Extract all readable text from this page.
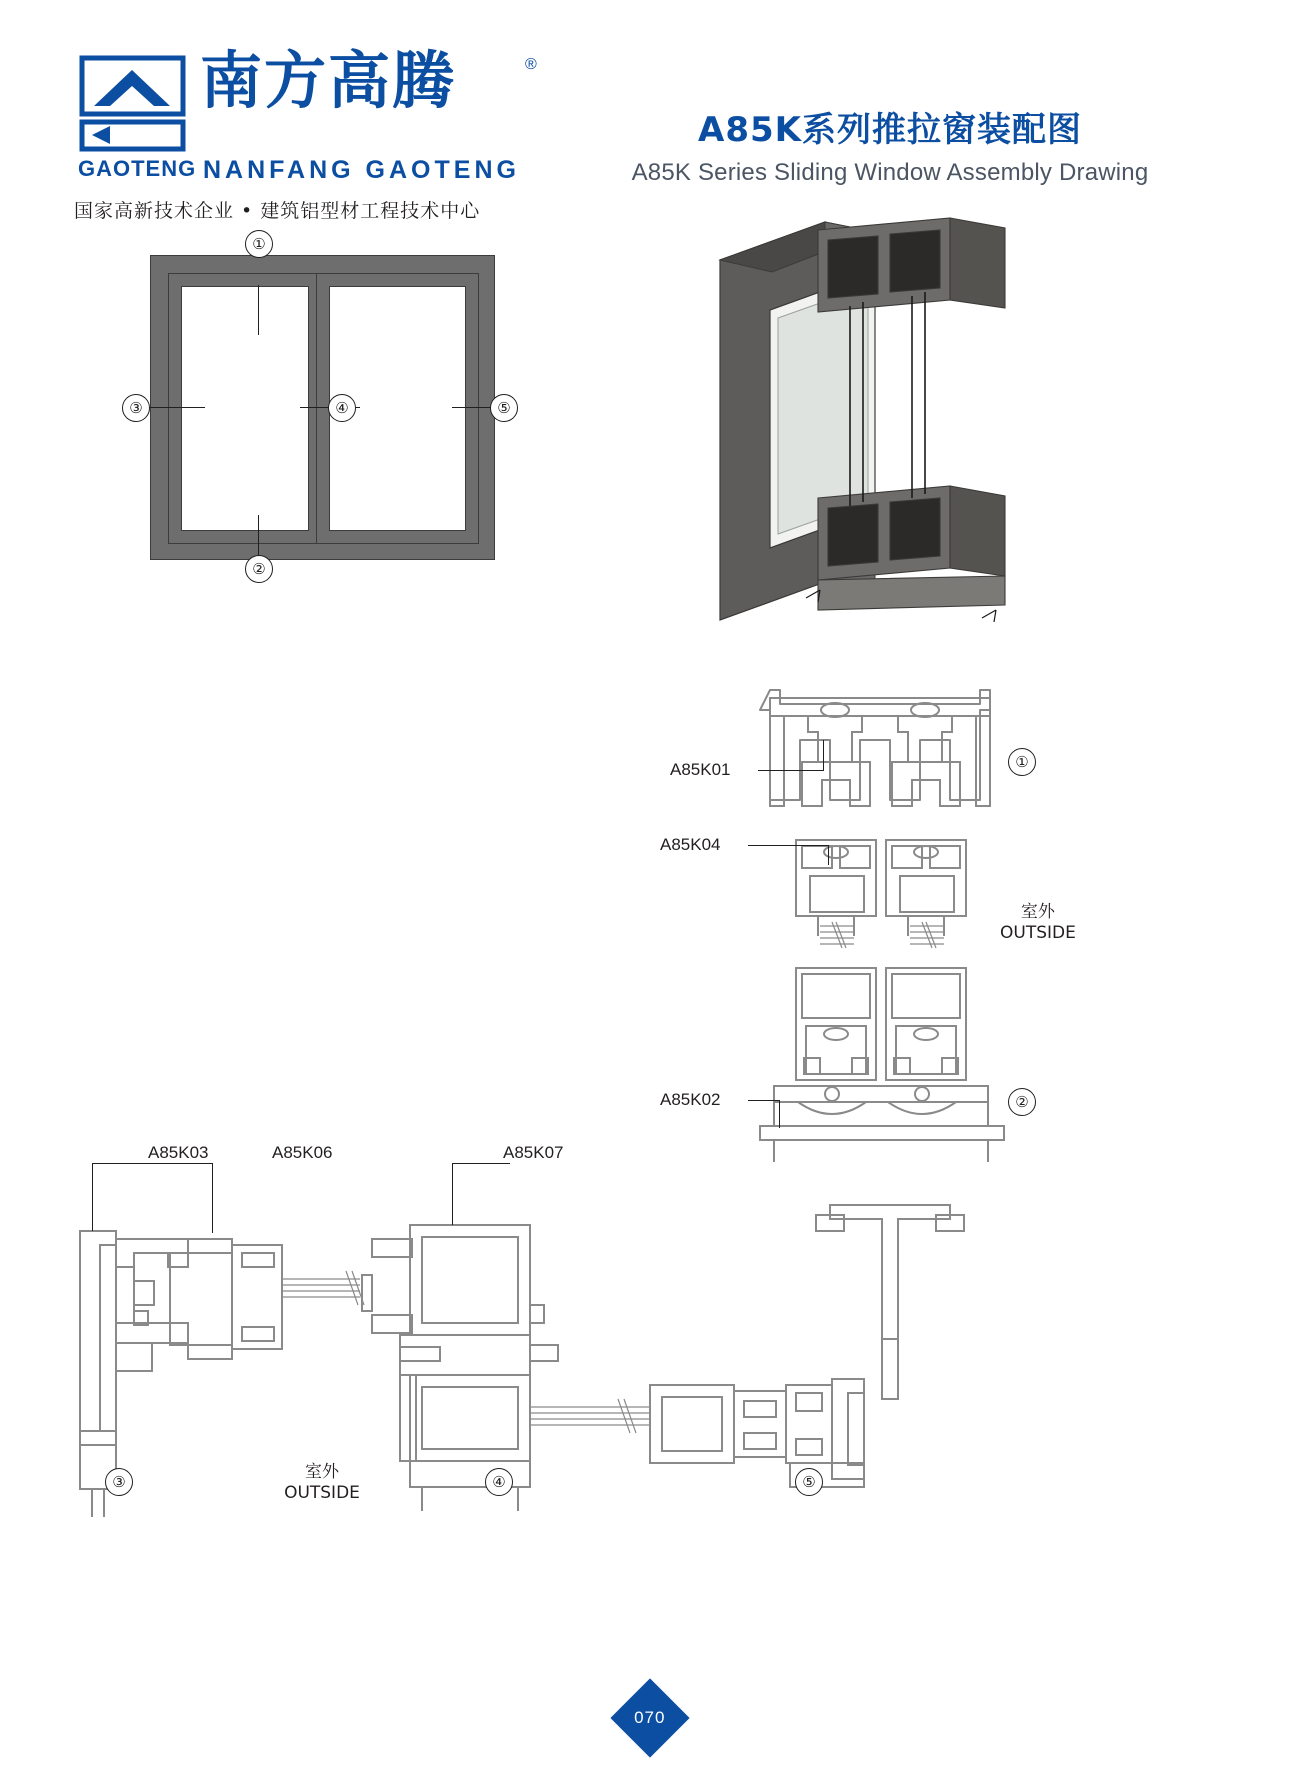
南方高腾	®
GAOTENG NANFANG GAOTENG
国家高新技术企业 • 建筑铝型材工程技术中心
A85K系列推拉窗装配图
A85K Series Sliding Window Assembly Drawing
①
②
③	④	⑤
A85K01
A85K04
A85K02
①
②
室外
OUTSIDE
A85K03	A85K06	A85K07
③	④	⑤
室外
OUTSIDE
070
